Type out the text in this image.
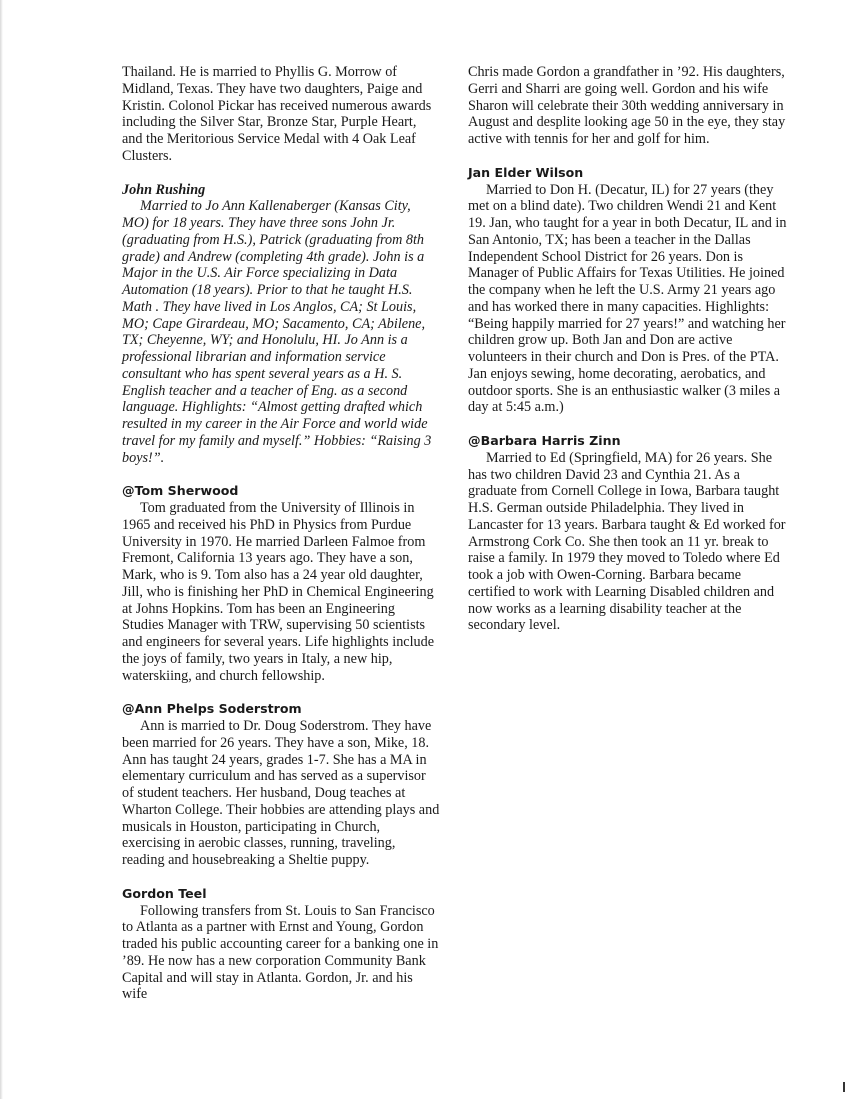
Thailand. He is married to Phyllis G. Morrow of Midland, Texas. They have two daughters, Paige and Kristin. Colonol Pickar has received numerous awards including the Silver Star, Bronze Star, Purple Heart, and the Meritorious Service Medal with 4 Oak Leaf Clusters.

John Rushing

Married to Jo Ann Kallenaberger (Kansas City, MO) for 18 years. They have three sons John Jr. (graduating from H.S.), Patrick (graduating from 8th grade) and Andrew (completing 4th grade). John is a Major in the U.S. Air Force specializing in Data Automation (18 years). Prior to that he taught H.S. Math . They have lived in Los Anglos, CA; St Louis, MO; Cape Girardeau, MO; Sacamento, CA; Abilene, TX; Cheyenne, WY; and Honolulu, HI. Jo Ann is a professional librarian and information service consultant who has spent several years as a H. S. English teacher and a teacher of Eng. as a second language. Highlights: “Almost getting drafted which resulted in my career in the Air Force and world wide travel for my family and myself.” Hobbies: “Raising 3 boys!”.

@Tom Sherwood

Tom graduated from the University of Illinois in 1965 and received his PhD in Physics from Purdue University in 1970. He married Darleen Falmoe from Fremont, California 13 years ago. They have a son, Mark, who is 9. Tom also has a 24 year old daughter, Jill, who is finishing her PhD in Chemical Engineering at Johns Hopkins. Tom has been an Engineering Studies Manager with TRW, supervising 50 scientists and engineers for several years. Life highlights include the joys of family, two years in Italy, a new hip, waterskiing, and church fellowship.

@Ann Phelps Soderstrom

Ann is married to Dr. Doug Soderstrom. They have been married for 26 years. They have a son, Mike, 18. Ann has taught 24 years, grades 1-7. She has a MA in elementary curriculum and has served as a supervisor of student teachers. Her husband, Doug teaches at Wharton College. Their hobbies are attending plays and musicals in Houston, participating in Church, exercising in aerobic classes, running, traveling, reading and housebreaking a Sheltie puppy.

Gordon Teel

Following transfers from St. Louis to San Francisco to Atlanta as a partner with Ernst and Young, Gordon traded his public accounting career for a banking one in ’89. He now has a new corporation Community Bank Capital and will stay in Atlanta. Gordon, Jr. and his wife

Chris made Gordon a grandfather in ’92. His daughters, Gerri and Sharri are going well. Gordon and his wife Sharon will celebrate their 30th wedding anniversary in August and desplite looking age 50 in the eye, they stay active with tennis for her and golf for him.

Jan Elder Wilson

Married to Don H. (Decatur, IL) for 27 years (they met on a blind date). Two children Wendi 21 and Kent 19. Jan, who taught for a year in both Decatur, IL and in San Antonio, TX; has been a teacher in the Dallas Independent School District for 26 years. Don is Manager of Public Affairs for Texas Utilities. He joined the company when he left the U.S. Army 21 years ago and has worked there in many capacities. Highlights: “Being happily married for 27 years!” and watching her children grow up. Both Jan and Don are active volunteers in their church and Don is Pres. of the PTA. Jan enjoys sewing, home decorating, aerobatics, and outdoor sports. She is an enthusiastic walker (3 miles a day at 5:45 a.m.)

@Barbara Harris Zinn

Married to Ed (Springfield, MA) for 26 years. She has two children David 23 and Cynthia 21. As a graduate from Cornell College in Iowa, Barbara taught H.S. German outside Philadelphia. They lived in Lancaster for 13 years. Barbara taught & Ed worked for Armstrong Cork Co. She then took an 11 yr. break to raise a family. In 1979 they moved to Toledo where Ed took a job with Owen-Corning. Barbara became certified to work with Learning Disabled children and now works as a learning disability teacher at the secondary level.
